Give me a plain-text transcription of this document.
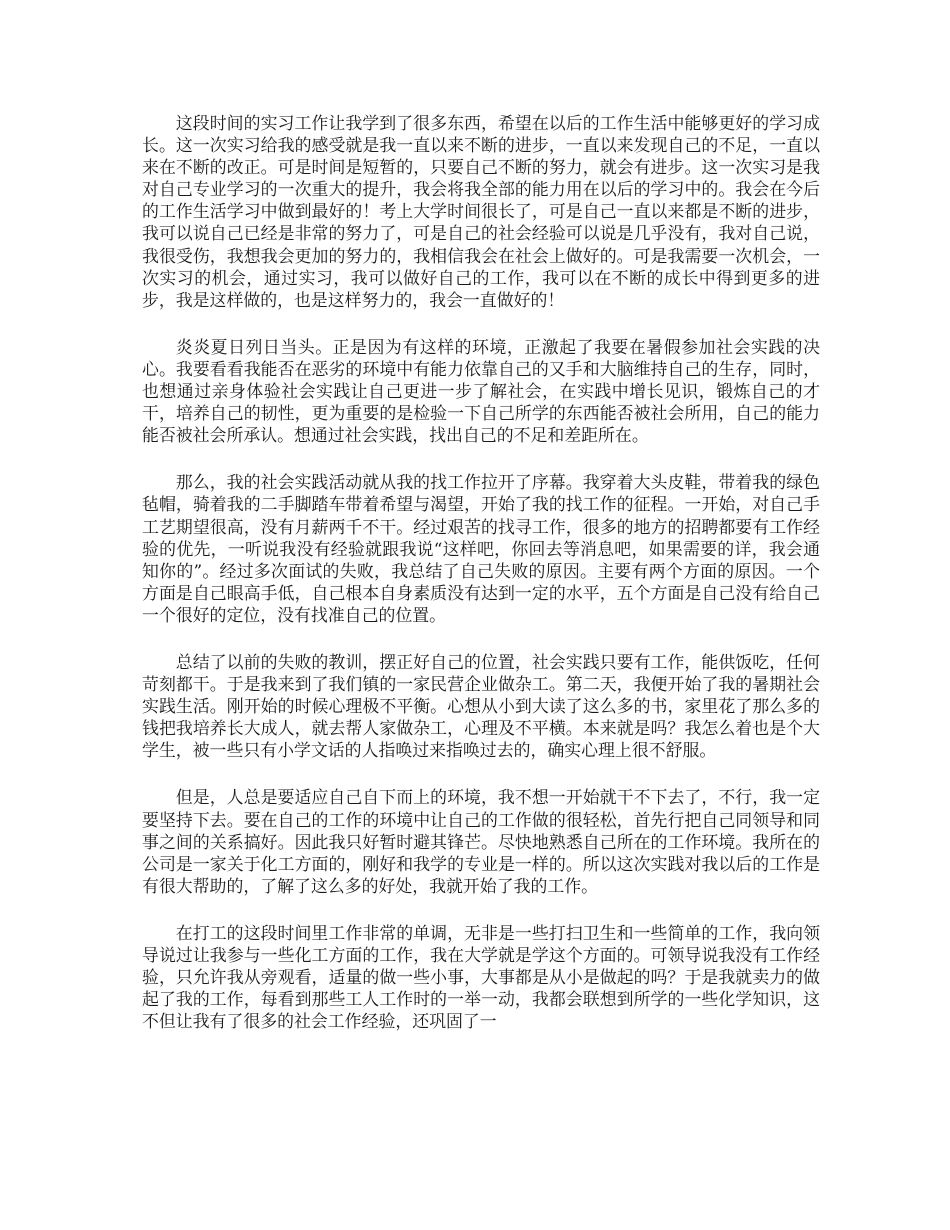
这段时间的实习工作让我学到了很多东西，希望在以后的工作生活中能够更好的学习成长。这一次实习给我的感受就是我一直以来不断的进步，一直以来发现自己的不足，一直以来在不断的改正。可是时间是短暂的，只要自己不断的努力，就会有进步。这一次实习是我对自己专业学习的一次重大的提升，我会将我全部的能力用在以后的学习中的。我会在今后的工作生活学习中做到最好的！考上大学时间很长了，可是自己一直以来都是不断的进步，我可以说自己已经是非常的努力了，可是自己的社会经验可以说是几乎没有，我对自己说，我很受伤，我想我会更加的努力的，我相信我会在社会上做好的。可是我需要一次机会，一次实习的机会，通过实习，我可以做好自己的工作，我可以在不断的成长中得到更多的进步，我是这样做的，也是这样努力的，我会一直做好的！

炎炎夏日列日当头。正是因为有这样的环境，正激起了我要在暑假参加社会实践的决心。我要看看我能否在恶劣的环境中有能力依靠自己的又手和大脑维持自己的生存，同时，也想通过亲身体验社会实践让自己更进一步了解社会，在实践中增长见识，锻炼自己的才干，培养自己的韧性，更为重要的是检验一下自己所学的东西能否被社会所用，自己的能力能否被社会所承认。想通过社会实践，找出自己的不足和差距所在。

那么，我的社会实践活动就从我的找工作拉开了序幕。我穿着大头皮鞋，带着我的绿色毡帽，骑着我的二手脚踏车带着希望与渴望，开始了我的找工作的征程。一开始，对自己手工艺期望很高，没有月薪两千不干。经过艰苦的找寻工作，很多的地方的招聘都要有工作经验的优先，一听说我没有经验就跟我说“这样吧，你回去等消息吧，如果需要的详，我会通知你的”。经过多次面试的失败，我总结了自己失败的原因。主要有两个方面的原因。一个方面是自己眼高手低，自己根本自身素质没有达到一定的水平，五个方面是自己没有给自己一个很好的定位，没有找准自己的位置。

总结了以前的失败的教训，摆正好自己的位置，社会实践只要有工作，能供饭吃，任何苛刻都干。于是我来到了我们镇的一家民营企业做杂工。第二天，我便开始了我的暑期社会实践生活。刚开始的时候心理极不平衡。心想从小到大读了这么多的书，家里花了那么多的钱把我培养长大成人，就去帮人家做杂工，心理及不平横。本来就是吗？我怎么着也是个大学生，被一些只有小学文话的人指唤过来指唤过去的，确实心理上很不舒服。

但是，人总是要适应自己自下而上的环境，我不想一开始就干不下去了，不行，我一定要坚持下去。要在自己的工作的环境中让自己的工作做的很轻松，首先行把自己同领导和同事之间的关系搞好。因此我只好暂时避其锋芒。尽快地熟悉自己所在的工作环境。我所在的公司是一家关于化工方面的，刚好和我学的专业是一样的。所以这次实践对我以后的工作是有很大帮助的，了解了这么多的好处，我就开始了我的工作。

在打工的这段时间里工作非常的单调，无非是一些打扫卫生和一些简单的工作，我向领导说过让我参与一些化工方面的工作，我在大学就是学这个方面的。可领导说我没有工作经验，只允许我从旁观看，适量的做一些小事，大事都是从小是做起的吗？于是我就卖力的做起了我的工作，每看到那些工人工作时的一举一动，我都会联想到所学的一些化学知识，这不但让我有了很多的社会工作经验，还巩固了一
